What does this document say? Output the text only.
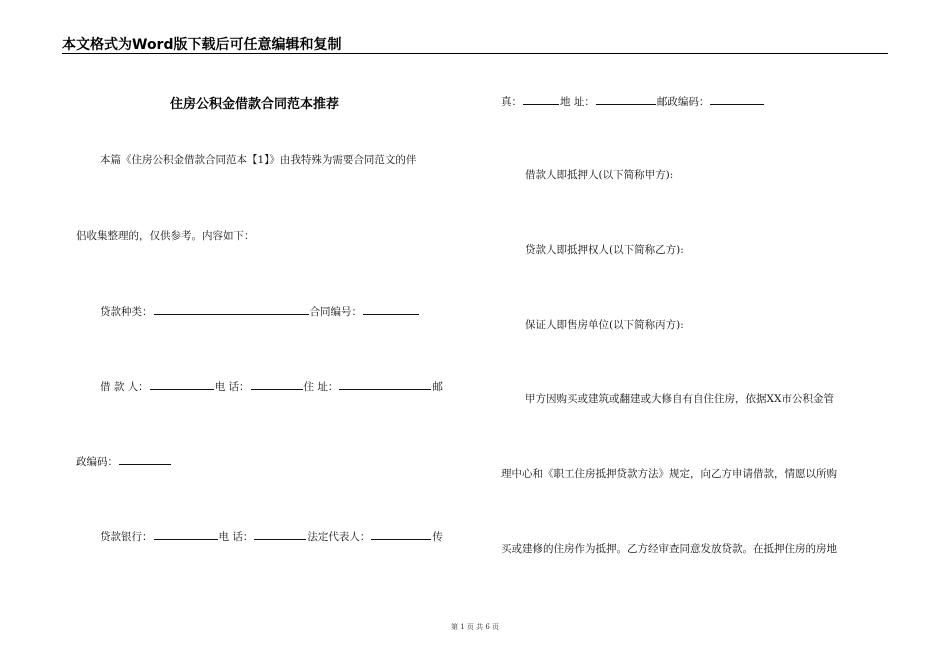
本文格式为Word版下载后可任意编辑和复制
住房公积金借款合同范本推荐
本篇《住房公积金借款合同范本【1】》由我特殊为需要合同范文的伴
侣收集整理的，仅供参考。内容如下：
贷款种类：	合同编号：
借 款 人：	电 话：	住 址：	邮
政编码：
贷款银行：	电 话：	法定代表人：	传
真：	地 址：	邮政编码：
借款人即抵押人(以下简称甲方):
贷款人即抵押权人(以下简称乙方):
保证人即售房单位(以下简称丙方):
甲方因购买或建筑或翻建或大修自有自住住房，依据XX市公积金管
理中心和《职工住房抵押贷款方法》规定，向乙方申请借款，情愿以所购
买或建修的住房作为抵押。乙方经审查同意发放贷款。在抵押住房的房地
第 1 页 共 6 页
